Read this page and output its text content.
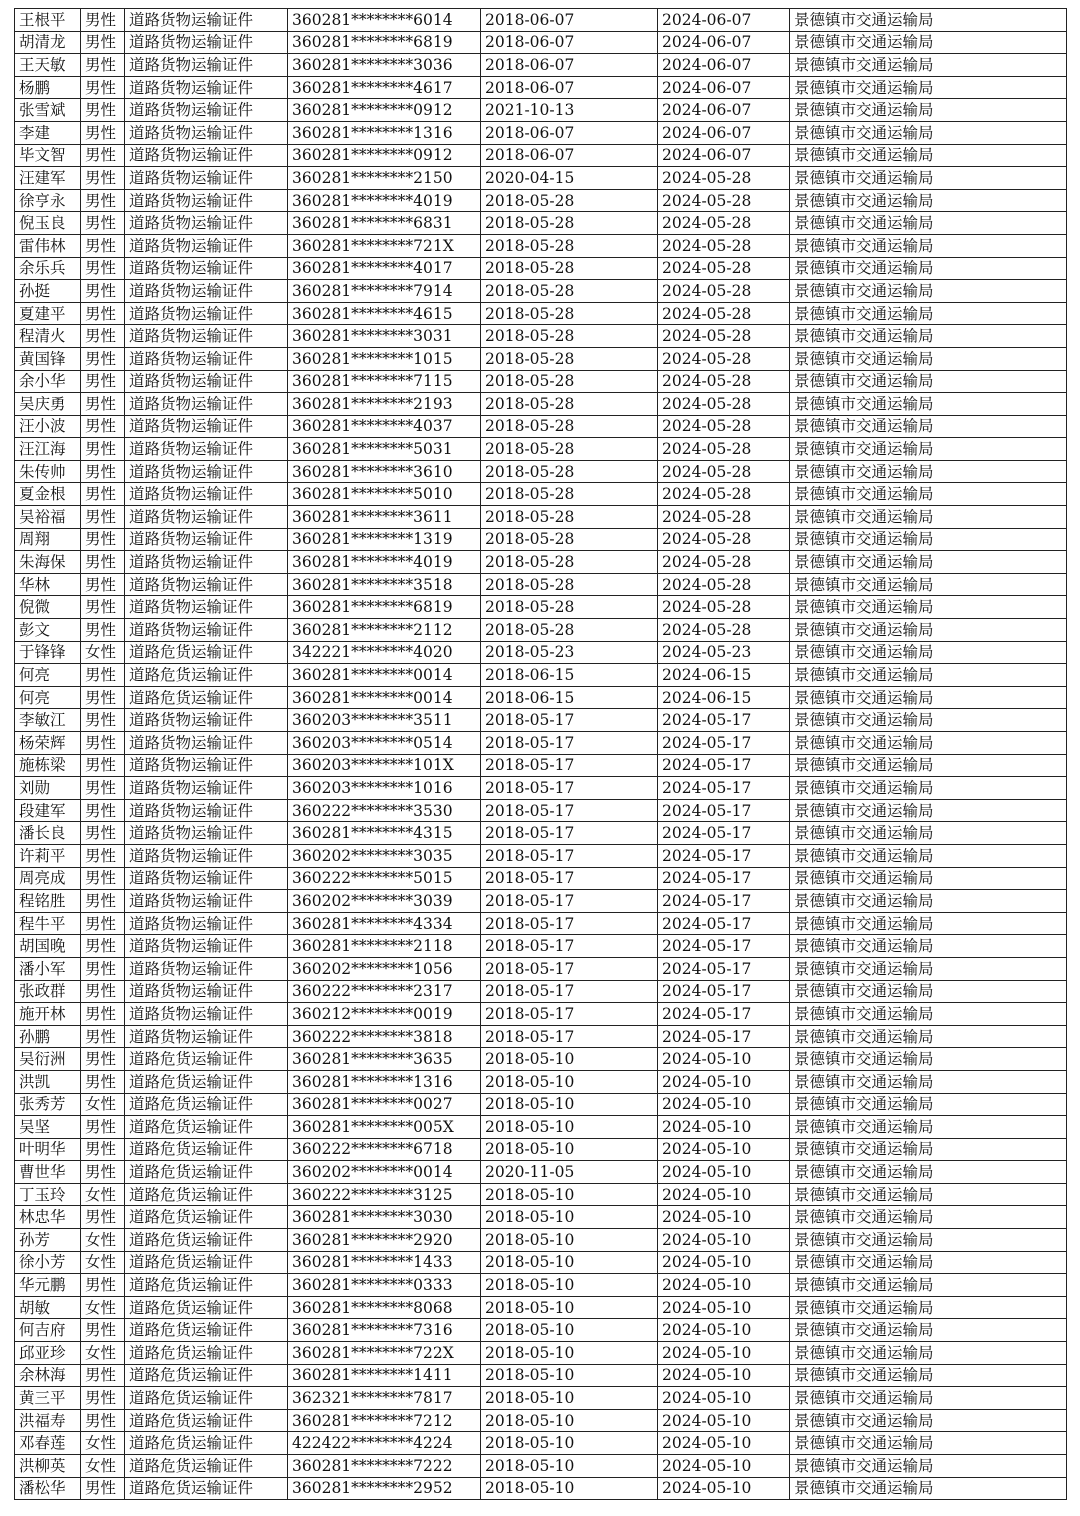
王根平	男性	道路货物运输证件	360281********6014	2018-06-07	2024-06-07	景德镇市交通运输局
胡清龙	男性	道路货物运输证件	360281********6819	2018-06-07	2024-06-07	景德镇市交通运输局
王天敏	男性	道路货物运输证件	360281********3036	2018-06-07	2024-06-07	景德镇市交通运输局
杨鹏	男性	道路货物运输证件	360281********4617	2018-06-07	2024-06-07	景德镇市交通运输局
张雪斌	男性	道路货物运输证件	360281********0912	2021-10-13	2024-06-07	景德镇市交通运输局
李建	男性	道路货物运输证件	360281********1316	2018-06-07	2024-06-07	景德镇市交通运输局
毕文智	男性	道路货物运输证件	360281********0912	2018-06-07	2024-06-07	景德镇市交通运输局
汪建军	男性	道路货物运输证件	360281********2150	2020-04-15	2024-05-28	景德镇市交通运输局
徐亨永	男性	道路货物运输证件	360281********4019	2018-05-28	2024-05-28	景德镇市交通运输局
倪玉良	男性	道路货物运输证件	360281********6831	2018-05-28	2024-05-28	景德镇市交通运输局
雷伟林	男性	道路货物运输证件	360281********721X	2018-05-28	2024-05-28	景德镇市交通运输局
余乐兵	男性	道路货物运输证件	360281********4017	2018-05-28	2024-05-28	景德镇市交通运输局
孙挺	男性	道路货物运输证件	360281********7914	2018-05-28	2024-05-28	景德镇市交通运输局
夏建平	男性	道路货物运输证件	360281********4615	2018-05-28	2024-05-28	景德镇市交通运输局
程清火	男性	道路货物运输证件	360281********3031	2018-05-28	2024-05-28	景德镇市交通运输局
黄国锋	男性	道路货物运输证件	360281********1015	2018-05-28	2024-05-28	景德镇市交通运输局
余小华	男性	道路货物运输证件	360281********7115	2018-05-28	2024-05-28	景德镇市交通运输局
吴庆勇	男性	道路货物运输证件	360281********2193	2018-05-28	2024-05-28	景德镇市交通运输局
汪小波	男性	道路货物运输证件	360281********4037	2018-05-28	2024-05-28	景德镇市交通运输局
汪江海	男性	道路货物运输证件	360281********5031	2018-05-28	2024-05-28	景德镇市交通运输局
朱传帅	男性	道路货物运输证件	360281********3610	2018-05-28	2024-05-28	景德镇市交通运输局
夏金根	男性	道路货物运输证件	360281********5010	2018-05-28	2024-05-28	景德镇市交通运输局
吴裕福	男性	道路货物运输证件	360281********3611	2018-05-28	2024-05-28	景德镇市交通运输局
周翔	男性	道路货物运输证件	360281********1319	2018-05-28	2024-05-28	景德镇市交通运输局
朱海保	男性	道路货物运输证件	360281********4019	2018-05-28	2024-05-28	景德镇市交通运输局
华林	男性	道路货物运输证件	360281********3518	2018-05-28	2024-05-28	景德镇市交通运输局
倪微	男性	道路货物运输证件	360281********6819	2018-05-28	2024-05-28	景德镇市交通运输局
彭文	男性	道路货物运输证件	360281********2112	2018-05-28	2024-05-28	景德镇市交通运输局
于锋锋	女性	道路危货运输证件	342221********4020	2018-05-23	2024-05-23	景德镇市交通运输局
何亮	男性	道路危货运输证件	360281********0014	2018-06-15	2024-06-15	景德镇市交通运输局
何亮	男性	道路危货运输证件	360281********0014	2018-06-15	2024-06-15	景德镇市交通运输局
李敏江	男性	道路货物运输证件	360203********3511	2018-05-17	2024-05-17	景德镇市交通运输局
杨荣辉	男性	道路货物运输证件	360203********0514	2018-05-17	2024-05-17	景德镇市交通运输局
施栋梁	男性	道路货物运输证件	360203********101X	2018-05-17	2024-05-17	景德镇市交通运输局
刘勋	男性	道路货物运输证件	360203********1016	2018-05-17	2024-05-17	景德镇市交通运输局
段建军	男性	道路货物运输证件	360222********3530	2018-05-17	2024-05-17	景德镇市交通运输局
潘长良	男性	道路货物运输证件	360281********4315	2018-05-17	2024-05-17	景德镇市交通运输局
许莉平	男性	道路货物运输证件	360202********3035	2018-05-17	2024-05-17	景德镇市交通运输局
周亮成	男性	道路货物运输证件	360222********5015	2018-05-17	2024-05-17	景德镇市交通运输局
程铭胜	男性	道路货物运输证件	360202********3039	2018-05-17	2024-05-17	景德镇市交通运输局
程牛平	男性	道路货物运输证件	360281********4334	2018-05-17	2024-05-17	景德镇市交通运输局
胡国晚	男性	道路货物运输证件	360281********2118	2018-05-17	2024-05-17	景德镇市交通运输局
潘小军	男性	道路货物运输证件	360202********1056	2018-05-17	2024-05-17	景德镇市交通运输局
张政群	男性	道路货物运输证件	360222********2317	2018-05-17	2024-05-17	景德镇市交通运输局
施开林	男性	道路货物运输证件	360212********0019	2018-05-17	2024-05-17	景德镇市交通运输局
孙鹏	男性	道路货物运输证件	360222********3818	2018-05-17	2024-05-17	景德镇市交通运输局
吴衍洲	男性	道路危货运输证件	360281********3635	2018-05-10	2024-05-10	景德镇市交通运输局
洪凯	男性	道路危货运输证件	360281********1316	2018-05-10	2024-05-10	景德镇市交通运输局
张秀芳	女性	道路危货运输证件	360281********0027	2018-05-10	2024-05-10	景德镇市交通运输局
吴坚	男性	道路危货运输证件	360281********005X	2018-05-10	2024-05-10	景德镇市交通运输局
叶明华	男性	道路危货运输证件	360222********6718	2018-05-10	2024-05-10	景德镇市交通运输局
曹世华	男性	道路危货运输证件	360202********0014	2020-11-05	2024-05-10	景德镇市交通运输局
丁玉玲	女性	道路危货运输证件	360222********3125	2018-05-10	2024-05-10	景德镇市交通运输局
林忠华	男性	道路危货运输证件	360281********3030	2018-05-10	2024-05-10	景德镇市交通运输局
孙芳	女性	道路危货运输证件	360281********2920	2018-05-10	2024-05-10	景德镇市交通运输局
徐小芳	女性	道路危货运输证件	360281********1433	2018-05-10	2024-05-10	景德镇市交通运输局
华元鹏	男性	道路危货运输证件	360281********0333	2018-05-10	2024-05-10	景德镇市交通运输局
胡敏	女性	道路危货运输证件	360281********8068	2018-05-10	2024-05-10	景德镇市交通运输局
何吉府	男性	道路危货运输证件	360281********7316	2018-05-10	2024-05-10	景德镇市交通运输局
邱亚珍	女性	道路危货运输证件	360281********722X	2018-05-10	2024-05-10	景德镇市交通运输局
余林海	男性	道路危货运输证件	360281********1411	2018-05-10	2024-05-10	景德镇市交通运输局
黄三平	男性	道路危货运输证件	362321********7817	2018-05-10	2024-05-10	景德镇市交通运输局
洪福寿	男性	道路危货运输证件	360281********7212	2018-05-10	2024-05-10	景德镇市交通运输局
邓春莲	女性	道路危货运输证件	422422********4224	2018-05-10	2024-05-10	景德镇市交通运输局
洪柳英	女性	道路危货运输证件	360281********7222	2018-05-10	2024-05-10	景德镇市交通运输局
潘松华	男性	道路危货运输证件	360281********2952	2018-05-10	2024-05-10	景德镇市交通运输局
